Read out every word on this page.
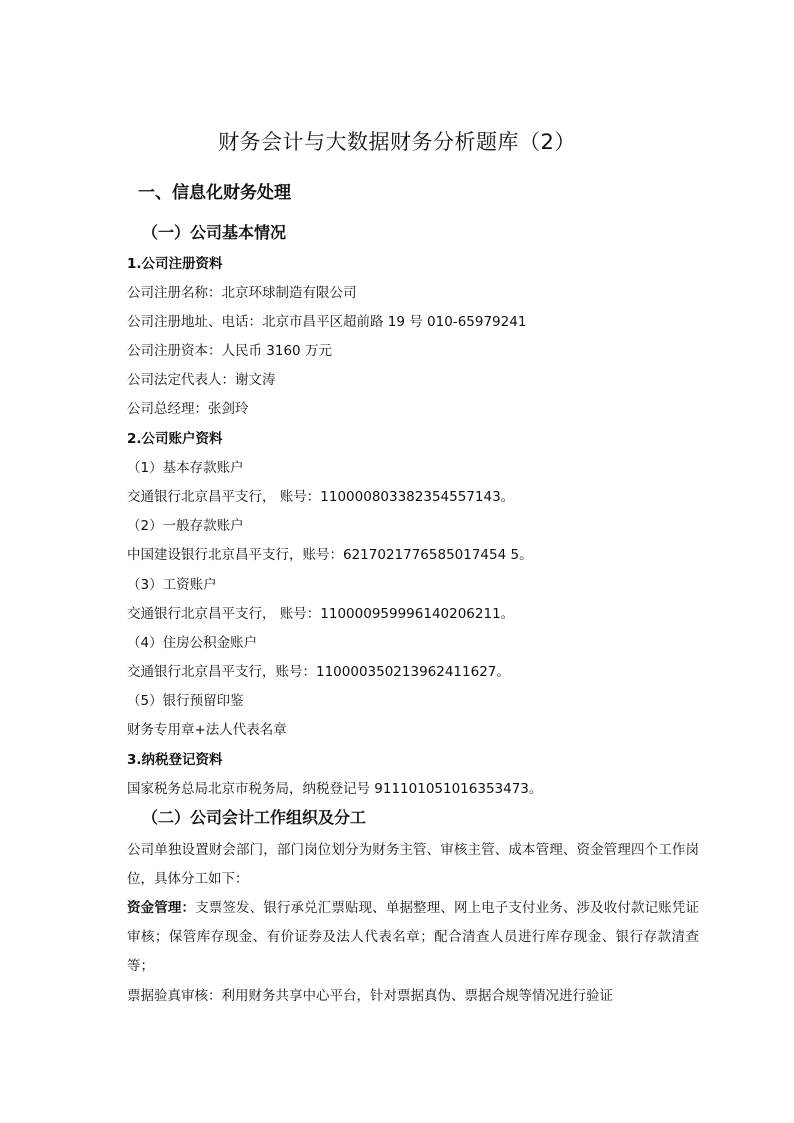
财务会计与大数据财务分析题库（2）
一、信息化财务处理
（一）公司基本情况
1.公司注册资料
公司注册名称：北京环球制造有限公司
公司注册地址、电话：北京市昌平区超前路 19 号 010-65979241
公司注册资本：人民币 3160 万元
公司法定代表人：谢文涛
公司总经理：张剑玲
2.公司账户资料
（1）基本存款账户
交通银行北京昌平支行， 账号：110000803382354557143。
（2）一般存款账户
中国建设银行北京昌平支行，账号：6217021776585017454 5。
（3）工资账户
交通银行北京昌平支行， 账号：110000959996140206211。
（4）住房公积金账户
交通银行北京昌平支行，账号：110000350213962411627。
（5）银行预留印鉴
财务专用章+法人代表名章
3.纳税登记资料
国家税务总局北京市税务局，纳税登记号 911101051016353473。
（二）公司会计工作组织及分工
公司单独设置财会部门，部门岗位划分为财务主管、审核主管、成本管理、资金管理四个工作岗位，具体分工如下：
资金管理：支票签发、银行承兑汇票贴现、单据整理、网上电子支付业务、涉及收付款记账凭证审核；保管库存现金、有价证券及法人代表名章；配合清查人员进行库存现金、银行存款清查等；
票据验真审核：利用财务共享中心平台，针对票据真伪、票据合规等情况进行验证
